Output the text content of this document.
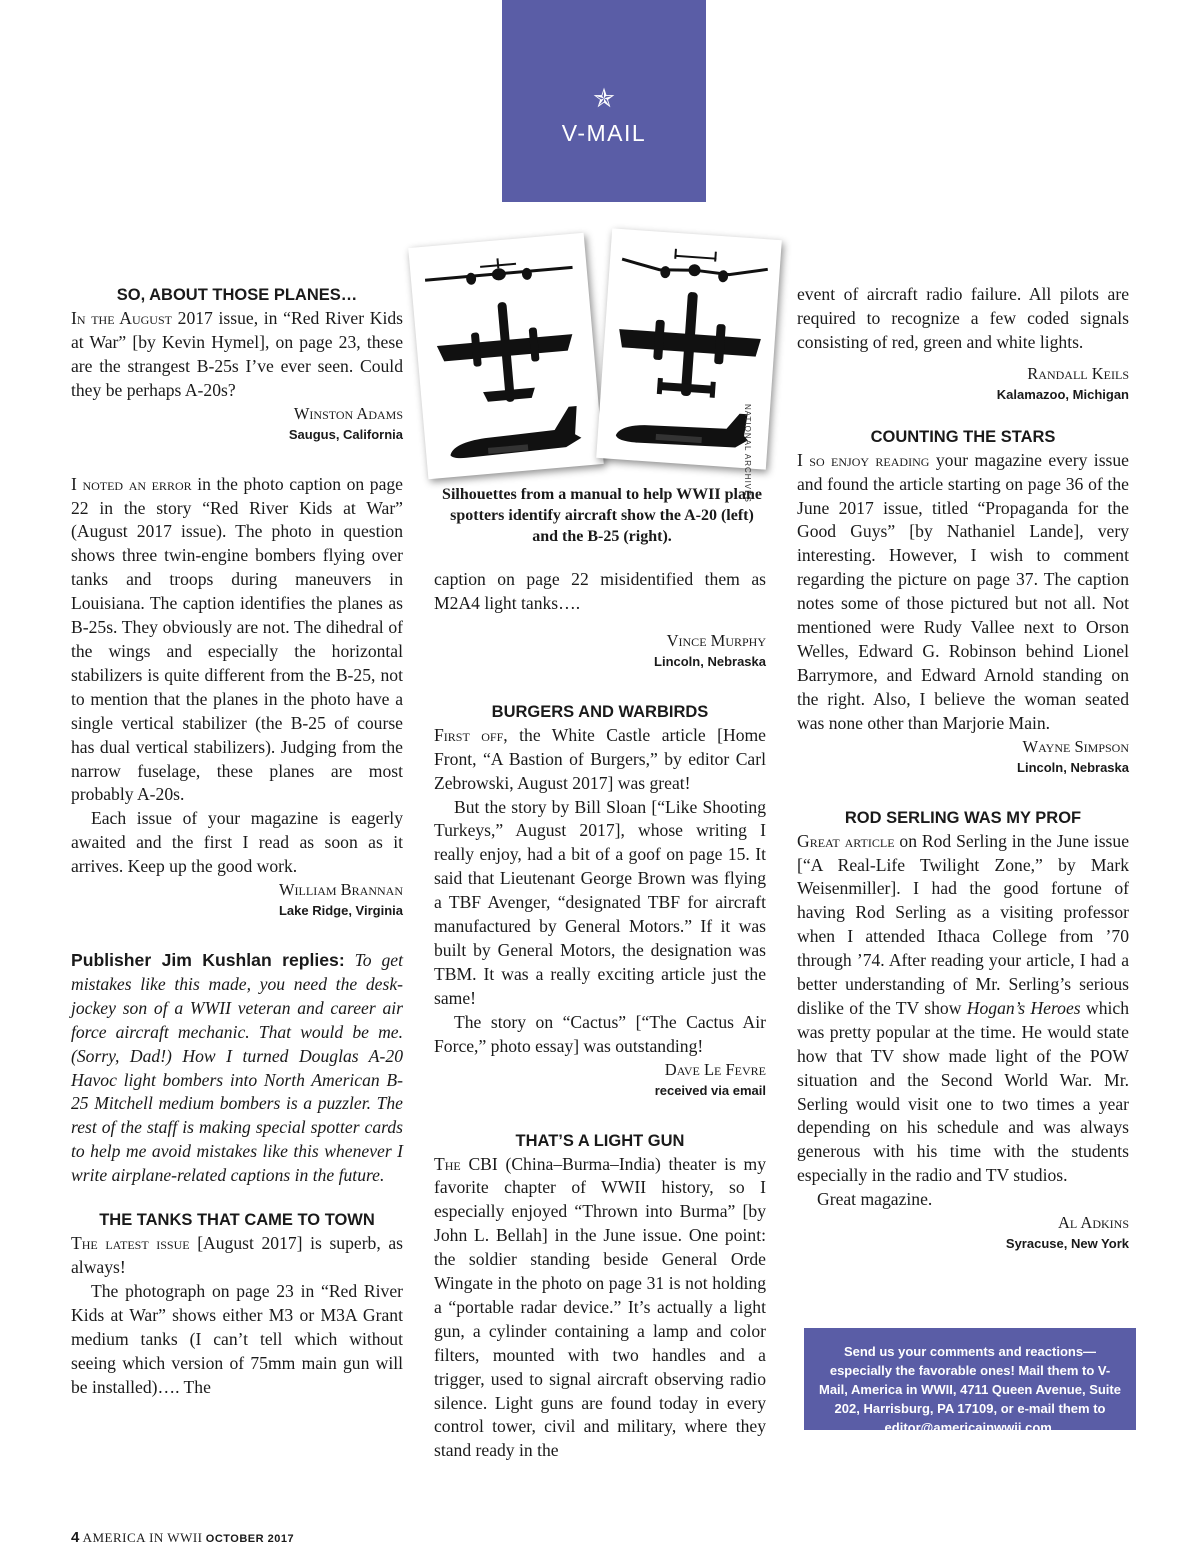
✯
V-MAIL
NATIONAL ARCHIVES
Silhouettes from a manual to help WWII plane spotters identify aircraft show the A-20 (left) and the B-25 (right).
SO, ABOUT THOSE PLANES…

In the August 2017 issue, in “Red River Kids at War” [by Kevin Hymel], on page 23, these are the strangest B-25s I’ve ever seen. Could they be perhaps A-20s?

Winston Adams
Saugus, California

I noted an error in the photo caption on page 22 in the story “Red River Kids at War” (August 2017 issue). The photo in question shows three twin-engine bombers flying over tanks and troops during maneuvers in Louisiana. The caption identifies the planes as B-25s. They obviously are not. The dihedral of the wings and especially the horizontal stabilizers is quite different from the B-25, not to mention that the planes in the photo have a single vertical stabilizer (the B-25 of course has dual vertical stabilizers). Judging from the narrow fuselage, these planes are most probably A-20s.

Each issue of your magazine is eagerly awaited and the first I read as soon as it arrives. Keep up the good work.

William Brannan
Lake Ridge, Virginia

Publisher Jim Kushlan replies: To get mistakes like this made, you need the desk-jockey son of a WWII veteran and career air force aircraft mechanic. That would be me. (Sorry, Dad!) How I turned Douglas A-20 Havoc light bombers into North American B-25 Mitchell medium bombers is a puzzler. The rest of the staff is making special spotter cards to help me avoid mistakes like this whenever I write airplane-related captions in the future.

THE TANKS THAT CAME TO TOWN

The latest issue [August 2017] is superb, as always!

The photograph on page 23 in “Red River Kids at War” shows either M3 or M3A Grant medium tanks (I can’t tell which without seeing which version of 75mm main gun will be installed)…. The

caption on page 22 misidentified them as M2A4 light tanks….

Vince Murphy
Lincoln, Nebraska
BURGERS AND WARBIRDS

First off, the White Castle article [Home Front, “A Bastion of Burgers,” by editor Carl Zebrowski, August 2017] was great!

But the story by Bill Sloan [“Like Shooting Turkeys,” August 2017], whose writing I really enjoy, had a bit of a goof on page 15. It said that Lieutenant George Brown was flying a TBF Avenger, “designated TBF for aircraft manufactured by General Motors.” If it was built by General Motors, the designation was TBM. It was a really exciting article just the same!

The story on “Cactus” [“The Cactus Air Force,” photo essay] was outstanding!

Dave Le Fevre
received via email
THAT’S A LIGHT GUN

The CBI (China–Burma–India) theater is my favorite chapter of WWII history, so I especially enjoyed “Thrown into Burma” [by John L. Bellah] in the June issue. One point: the soldier standing beside General Orde Wingate in the photo on page 31 is not holding a “portable radar device.” It’s actually a light gun, a cylinder containing a lamp and color filters, mounted with two handles and a trigger, used to signal aircraft observing radio silence. Light guns are found today in every control tower, civil and military, where they stand ready in the

event of aircraft radio failure. All pilots are required to recognize a few coded signals consisting of red, green and white lights.

Randall Keils
Kalamazoo, Michigan
COUNTING THE STARS

I so enjoy reading your magazine every issue and found the article starting on page 36 of the June 2017 issue, titled “Propaganda for the Good Guys” [by Nathaniel Lande], very interesting. However, I wish to comment regarding the picture on page 37. The caption notes some of those pictured but not all. Not mentioned were Rudy Vallee next to Orson Welles, Edward G. Robinson behind Lionel Barrymore, and Edward Arnold standing on the right. Also, I believe the woman seated was none other than Marjorie Main.

Wayne Simpson
Lincoln, Nebraska
ROD SERLING WAS MY PROF

Great article on Rod Serling in the June issue [“A Real-Life Twilight Zone,” by Mark Weisenmiller]. I had the good fortune of having Rod Serling as a visiting professor when I attended Ithaca College from ’70 through ’74. After reading your article, I had a better understanding of Mr. Serling’s serious dislike of the TV show Hogan’s Heroes which was pretty popular at the time. He would state how that TV show made light of the POW situation and the Second World War. Mr. Serling would visit one to two times a year depending on his schedule and was always generous with his time with the students especially in the radio and TV studios.

Great magazine.

Al Adkins
Syracuse, New York
Send us your comments and reactions—especially the favorable ones! Mail them to V-Mail, America in WWII, 4711 Queen Avenue, Suite 202, Harrisburg, PA 17109, or e-mail them to editor@americainwwii.com.
4 AMERICA IN WWII OCTOBER 2017
